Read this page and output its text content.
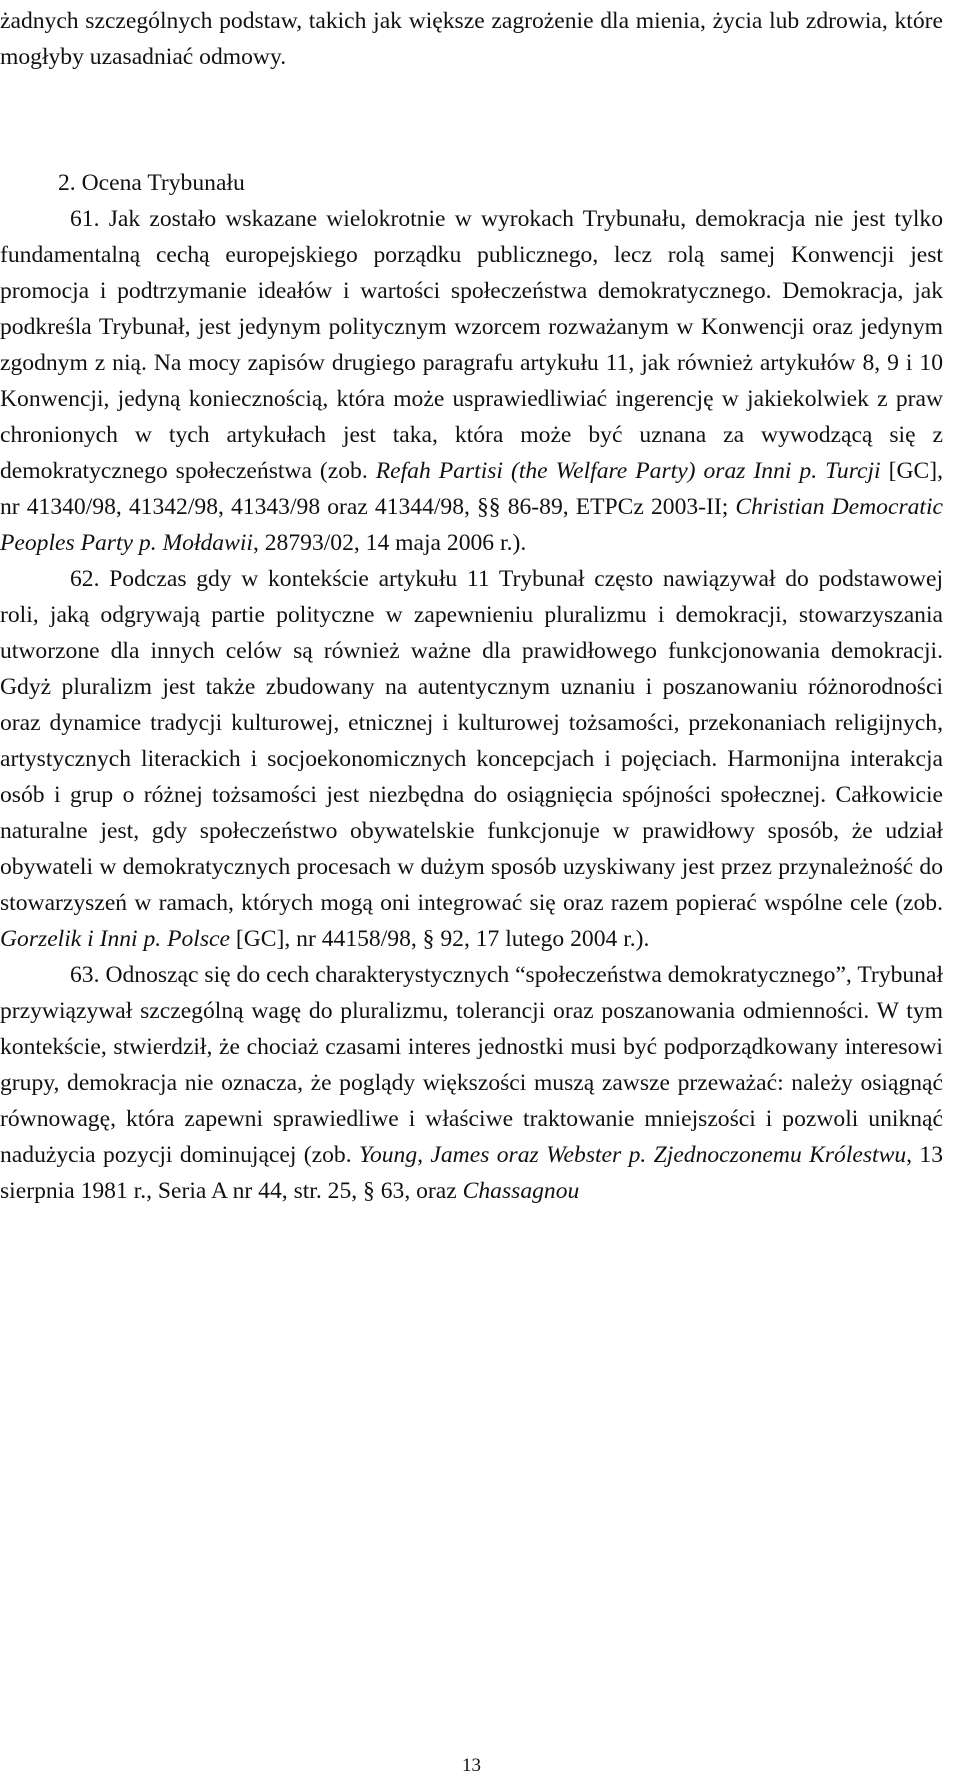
żadnych szczególnych podstaw, takich jak większe zagrożenie dla mienia, życia lub zdrowia, które mogłyby uzasadniać odmowy.

2. Ocena Trybunału

61. Jak zostało wskazane wielokrotnie w wyrokach Trybunału, demokracja nie jest tylko fundamentalną cechą europejskiego porządku publicznego, lecz rolą samej Konwencji jest promocja i podtrzymanie ideałów i wartości społeczeństwa demokratycznego. Demokracja, jak podkreśla Trybunał, jest jedynym politycznym wzorcem rozważanym w Konwencji oraz jedynym zgodnym z nią. Na mocy zapisów drugiego paragrafu artykułu 11, jak również artykułów 8, 9 i 10 Konwencji, jedyną koniecznością, która może usprawiedliwiać ingerencję w jakiekolwiek z praw chronionych w tych artykułach jest taka, która może być uznana za wywodzącą się z demokratycznego społeczeństwa (zob. Refah Partisi (the Welfare Party) oraz Inni p. Turcji [GC], nr 41340/98, 41342/98, 41343/98 oraz 41344/98, §§ 86-89, ETPCz 2003-II; Christian Democratic Peoples Party p. Mołdawii, 28793/02, 14 maja 2006 r.).

62. Podczas gdy w kontekście artykułu 11 Trybunał często nawiązywał do podstawowej roli, jaką odgrywają partie polityczne w zapewnieniu pluralizmu i demokracji, stowarzyszania utworzone dla innych celów są również ważne dla prawidłowego funkcjonowania demokracji. Gdyż pluralizm jest także zbudowany na autentycznym uznaniu i poszanowaniu różnorodności oraz dynamice tradycji kulturowej, etnicznej i kulturowej tożsamości, przekonaniach religijnych, artystycznych literackich i socjoekonomicznych koncepcjach i pojęciach. Harmonijna interakcja osób i grup o różnej tożsamości jest niezbędna do osiągnięcia spójności społecznej. Całkowicie naturalne jest, gdy społeczeństwo obywatelskie funkcjonuje w prawidłowy sposób, że udział obywateli w demokratycznych procesach w dużym sposób uzyskiwany jest przez przynależność do stowarzyszeń w ramach, których mogą oni integrować się oraz razem popierać wspólne cele (zob. Gorzelik i Inni p. Polsce [GC], nr 44158/98, § 92, 17 lutego 2004 r.).

63. Odnosząc się do cech charakterystycznych “społeczeństwa demokratycznego”, Trybunał przywiązywał szczególną wagę do pluralizmu, tolerancji oraz poszanowania odmienności. W tym kontekście, stwierdził, że chociaż czasami interes jednostki musi być podporządkowany interesowi grupy, demokracja nie oznacza, że poglądy większości muszą zawsze przeważać: należy osiągnąć równowagę, która zapewni sprawiedliwe i właściwe traktowanie mniejszości i pozwoli uniknąć nadużycia pozycji dominującej (zob. Young, James oraz Webster p. Zjednoczonemu Królestwu, 13 sierpnia 1981 r., Seria A nr 44, str. 25, § 63, oraz Chassagnou

13
